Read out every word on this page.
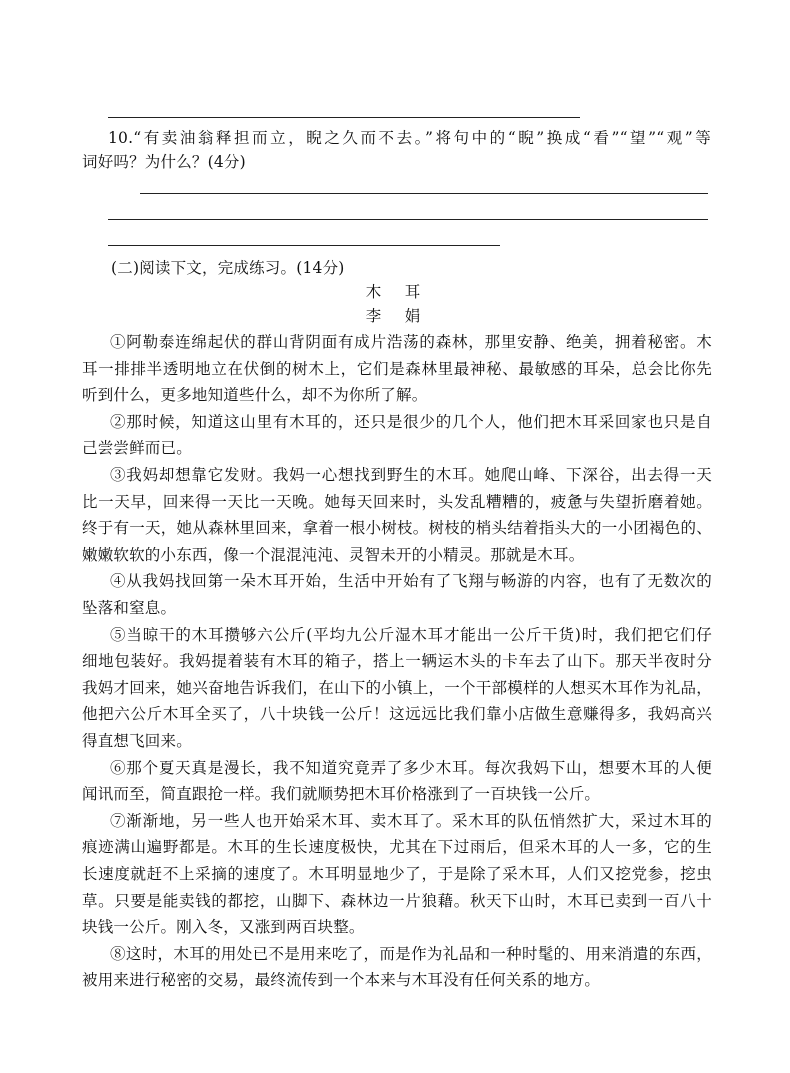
10.“有卖油翁释担而立，睨之久而不去。”将句中的“睨”换成“看”“望”“观”等
词好吗？为什么？(4分)
(二)阅读下文，完成练习。(14分)
木　耳
李　娟
①阿勒泰连绵起伏的群山背阴面有成片浩荡的森林，那里安静、绝美，拥着秘密。木
耳一排排半透明地立在伏倒的树木上，它们是森林里最神秘、最敏感的耳朵，总会比你先
听到什么，更多地知道些什么，却不为你所了解。
②那时候，知道这山里有木耳的，还只是很少的几个人，他们把木耳采回家也只是自
己尝尝鲜而已。
③我妈却想靠它发财。我妈一心想找到野生的木耳。她爬山峰、下深谷，出去得一天
比一天早，回来得一天比一天晚。她每天回来时，头发乱糟糟的，疲惫与失望折磨着她。
终于有一天，她从森林里回来，拿着一根小树枝。树枝的梢头结着指头大的一小团褐色的、
嫩嫩软软的小东西，像一个混混沌沌、灵智未开的小精灵。那就是木耳。
④从我妈找回第一朵木耳开始，生活中开始有了飞翔与畅游的内容，也有了无数次的
坠落和窒息。
⑤当晾干的木耳攒够六公斤(平均九公斤湿木耳才能出一公斤干货)时，我们把它们仔
细地包装好。我妈提着装有木耳的箱子，搭上一辆运木头的卡车去了山下。那天半夜时分
我妈才回来，她兴奋地告诉我们，在山下的小镇上，一个干部模样的人想买木耳作为礼品，
他把六公斤木耳全买了，八十块钱一公斤！这远远比我们靠小店做生意赚得多，我妈高兴
得直想飞回来。
⑥那个夏天真是漫长，我不知道究竟弄了多少木耳。每次我妈下山，想要木耳的人便
闻讯而至，简直跟抢一样。我们就顺势把木耳价格涨到了一百块钱一公斤。
⑦渐渐地，另一些人也开始采木耳、卖木耳了。采木耳的队伍悄然扩大，采过木耳的
痕迹满山遍野都是。木耳的生长速度极快，尤其在下过雨后，但采木耳的人一多，它的生
长速度就赶不上采摘的速度了。木耳明显地少了，于是除了采木耳，人们又挖党参，挖虫
草。只要是能卖钱的都挖，山脚下、森林边一片狼藉。秋天下山时，木耳已卖到一百八十
块钱一公斤。刚入冬，又涨到两百块整。
⑧这时，木耳的用处已不是用来吃了，而是作为礼品和一种时髦的、用来消遣的东西，
被用来进行秘密的交易，最终流传到一个本来与木耳没有任何关系的地方。
